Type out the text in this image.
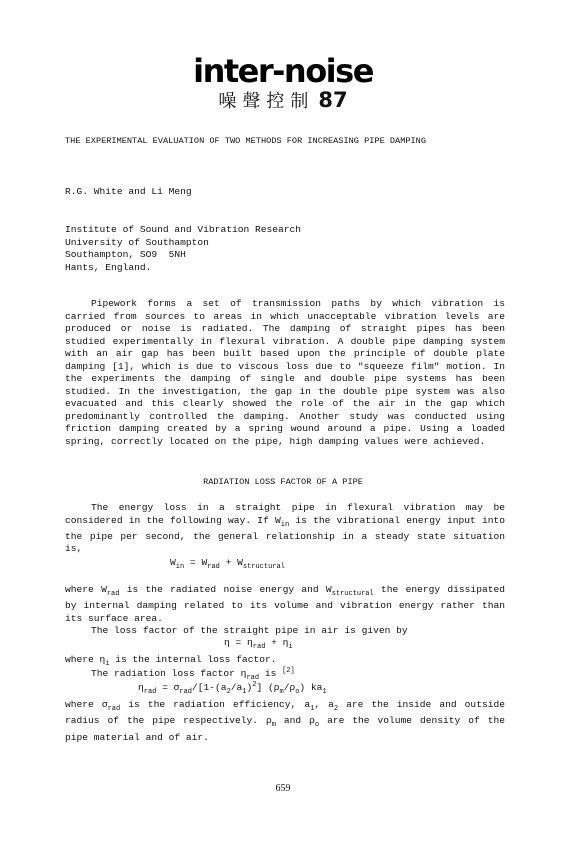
inter-noise
噪聲控制 87
THE EXPERIMENTAL EVALUATION OF TWO METHODS FOR INCREASING PIPE DAMPING
R.G. White and Li Meng
Institute of Sound and Vibration Research
University of Southampton
Southampton, SO9  5NH
Hants, England.

Pipework forms a set of transmission paths by which vibration is carried from sources to areas in which unacceptable vibration levels are produced or noise is radiated. The damping of straight pipes has been studied experimentally in flexural vibration. A double pipe damping system with an air gap has been built based upon the principle of double plate damping [1], which is due to viscous loss due to "squeeze film" motion. In the experiments the damping of single and double pipe systems has been studied. In the investigation, the gap in the double pipe system was also evacuated and this clearly showed the role of the air in the gap which predominantly controlled the damping. Another study was conducted using friction damping created by a spring wound around a pipe. Using a loaded spring, correctly located on the pipe, high damping values were achieved.

RADIATION LOSS FACTOR OF A PIPE

The energy loss in a straight pipe in flexural vibration may be considered in the following way. If $W_{in}$ is the vibrational energy input into the pipe per second, the general relationship in a steady state situation is,

$W_{in} = W_{rad} + W_{structural}$
where $W_{rad}$ is the radiated noise energy and $W_{structural}$ the energy dissipated by internal damping related to its volume and vibration energy rather than its surface area.
The loss factor of the straight pipe in air is given by
$\eta = \eta_{rad} + \eta_i$
where $\eta_i$ is the internal loss factor.
The radiation loss factor $\eta_{rad}$ is [2]
$\eta_{rad} = \sigma_{rad}/[1-(a_2/a_1)^2]$ $(\rho_m/\rho_o)$ $ka_1$
where $\sigma_{rad}$ is the radiation efficiency, $a_1$, $a_2$ are the inside and outside radius of the pipe respectively. $\rho_m$ and $\rho_o$ are the volume density of the pipe material and of air.
659
